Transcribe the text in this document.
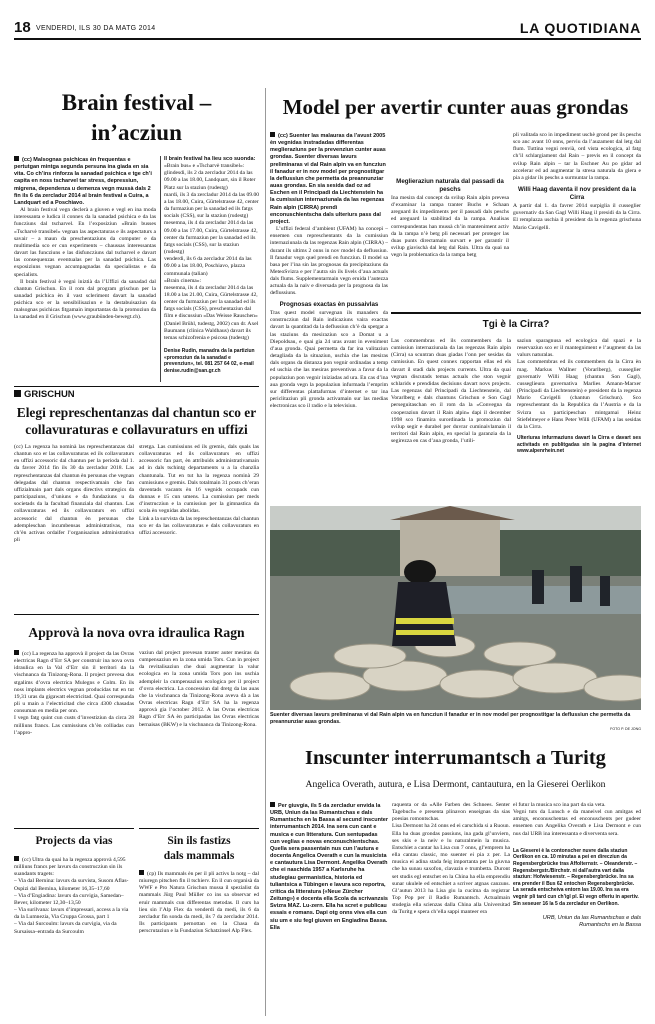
18 VENDERDI, ILS 30 DA MATG 2014	LA QUOTIDIANA
Brain festival – in’acziun
(cc) Malsognas psichicas èn frequentas e pertutgan mintga segunda persuna ina giada en sia vita. Co ch’ins rinforza la sanadad psichica e tge ch’i capita en noss tscharvel tar stress, depressiun, migrena, dependenza u demenza vegn mussà dals 2 fin ils 6 da zercladur 2014 al brain festival a Cuira, a Landquart ed a Poschiavo.
Al brain festival vegn declerà a giuven e vegl en ina moda interessanta e ludica il connex da la sanadad psichica e da las funcziuns dal tscharvel. En l’exposiziun «Brain busses «Tscharvè transibel» vegnan las aspectaturas e ils aspectaturs a savair – a maun da preschentaziuns da computer e da multimedia sco er cun experiments – chaussas interessantas davart las funcziuns e las disfuncziuns dal tscharvel e davart las consequenzas eventualas per la sanadad psichica. Las exposiziuns vegnan accumpagnadas da specialistas e da specialists.
Il brain festival è vegnì iniztià da l’Uffizi da sanadad dal chantun Grischun. En il rom dal program grischun per la sanadad psichica èn il vast scleriment davart la sanadad psichica sco er la sensibilisaziun e la destabuisaziun da malsognas psichicas fitgamain impurtantas da la promoziun da la sanadad en il Grischun (www.graubünden-bewegt.ch).
Il brain festival ha lieu sco suonda:
«Brain bus» e «Tscharvè transibel»: glindesdi, ils 2 da zercladur 2014 da las 09.00 a las 18.00, Landquart, sin il Roter Platz sur la staziun (rudestg)
mardi, ils 3 da zercladur 2014 da las 09.00 a las 18.00, Cuira, Gürtelstrasse 42, center da furmaziun per la sanadad ed ils fatgs socials (CSS), sur la staziun (rudestg)
mesemna, ils 4 da zercladur 2014 da las 09.00 a las 17.00, Cuira, Gürtelstrasse 42, center da furmaziun per la sanadad ed ils fatgs socials (CSS), sur la staziun (rudestg)
venderdi, ils 6 da zercladur 2014 da las 09.00 a las 18.00, Poschiavo, plazza communala (talian)
«Brain cinema»:
mesemna, ils 4 da zercladur 2014 da las 18.00 a las 21.00, Cuira, Gürtelstrasse 42, center da furmaziun per la sanadad ed ils fatgs socials (CSS), preschentaziun dal film e discussiun «Das Weisse Rauschen» (Daniel Brühl, tudestg, 2002) cun dr. Axel Baumann (clinica Waldhaus) davart ils temas schizofrenia e psicosa (tudestg)
Denise Rudin, manadra da la partiziun «promoziun da la sanadad e prevenziun», tel. 081 257 64 02, e-mail denise.rudin@san.gr.ch
GRISCHUN
Elegi represchentanzas dal chantun sco er collavuraturas e collavuraturs en uffizi
(cc) La regenza ha nominà las represchentanzas dal chantun sco er las collavuraturas ed ils collavuraturs en uffizi accessoric dal chantun per la perioda dal 1. da favrer 2014 fin ils 30 da zercladur 2018. Las represchentanzas dal chantun èn persunas che vegnan delegadas dal chantun respectivamain che fan uffizialmain part dals organs directivs strategics da participaziuns, d’uniuns e da fundaziuns u da societads da la facultad finanziala dal chantun. Las collavuraturas ed ils collavuraturs en uffizi accessoric dal chantun èn persunas che adempleschan incumbensas administrativas, ma ch’èn activas ordaifer l’organisaziun administrativa pli
stretga. Las cumissiuns ed ils gremis, dals quals las collavuraturas ed ils collavuraturs en uffizi accessoric fan part, èn attribuids administrativamain ad in dals tschintg departaments u a la chanzlia chantunala. Tut en tut ha la regenza nominà 29 cumissiuns e gremis. Dals totalmain 31 posts ch’eran daventads vacants èn 16 vegnids occupads cun dunnas e 15 cun umens. La cumissiun per meds d’instrucziun e la cumissiun per la gimnastica da scola èn vegnidas abolidas.
Link a la survista da las represchentanzas dal chantun sco er da las collavuraturas e dals collavuraturs en uffizi accessoric.
Approvà la nova ovra idraulica Ragn
(cc) La regenza ha approvà il project da las Ovras electricas Ragn d’Err SA per construir ina nova ovra idraulica en la Val d’Err sin il territori da la vischnanca da Tinizong-Rona. Il project prevesa dus stgalims d’ovra electrica Mulegns e Colm. En ils noss implants electrics vegnan producidas tut en tut 19,31 uras da gigawatt electricitad. Quai correspunda pli u main a l’electricitad che circa 4300 chasadas consuman en media per onn.
I vegn fatg quint cun custs d’investiziun da circa 28 milliuns francs. Las cumissiuns ch’èn colliadas cun l’appro-
vaziun dal project prevesan tranter auter mesiras da cumpensaziun en la zona umida Tors. Cun in project da revitalisaziun che duai augmentar la valur ecologica en la zona umida Tors pon ins uschia adempleir la cumpensaziun ecologica per il project d’ovra electrica. La concessiun dal dretg da las auas che la vischnanca da Tinizong-Rona aveva dà a las Ovras electricas Ragn d’Err SA ha la regenza approvà gia l’october 2012. A las Ovras electricas Ragn d’Err SA èn participadas las Ovras electricas bernaisas (BKW) e la vischnanca da Tinizong-Rona.
Projects da vias
(cc) Ultra da quai ha la regenza approvà 4,595 milliuns francs per lavurs da construcziun sin ils suandants tragets:
– Via dal Bernina: lavurs da survista, Susom Aflas-Ospizi dal Bernina, kilometer 16,35–17,60
– Via d’Engiadina: lavurs da curvigia, Samedan–Bever, kilometer 12,30–13,50
– Via surilvana: lavurs d’impressari, access a la via da la Lumnezia, Via Cruppa Grossa, part 1
– Via dal Surcoulm: lavurs da curvigia, via da Sursaissa–entrada da Surcoulm
Sin ils fastizs
dals mammals
(cp) Ils mammals èn per il pli activs la notg – dal miuregn pitschen fin il tschierv. En il cun organisà da WWF e Pro Natura Grischun mussa il spezialist da mammals Jürg Paul Müller co ins sa observar ed eruir mammals cun differentas metodas. Il curs ha lieu sin l’Alp Flex da venderdi da medi, ils 6 da zercladur fin sonda da medi, ils 7 da zercladur 2014. Ils participants pernottan en la Chasa da perscrutaziun e la Fundaziun Schatzinsel Alp Flex.
Model per avertir cunter auas grondas
(cc) Suenter las malauras da l’avust 2005 èn vegnidas instradadas differentas meglieraziuns per la prevenziun cunter auas grondas. Suenter diversas lavurs preliminaras vi dal Rain alpin va en funcziun il fanadur er in nov model per prognostitgar la deflussiun che permetta da preannunziar auas grondas. En sia sesida dad oz ad Eschen en il Principadi da Liechtenstein ha la cumissiun internaziunala da las regenzas Rain alpin (CIRRA) prendì enconuschientscha dals ulteriurs pass dal project.
L’uffizi federal d’ambient (UFAM) ha concepì – ensemen cun represchentants da la cumissiun internaziunala da las regenzas Rain alpin (CIRRA) – durant ils ultims 2 onns in nov model da deflussiun. Il fanadur vegn quel prendi en funcziun. Il model sa basa per l’ina sin las prognosas da precipitaziuns da MeteoSvizra e per l’autra sin ils livels d’aua actuals dals flums. Supplementarmain vegn eruida l’autezza actuala da la naiv e diversada per la prognosa da las deflussiuns.
Prognosas exactas èn pussaivlas
Tras quest model survegnan ils manaders da construcziun dal Rain indicaziuns vaira exactas davart la quantitad da la deflussiun ch’è da spetgar a las staziuns da mesiraziun sco a Domat u a Diepoldsau, e quai gia 24 uras avant in eveniment d’aua gronda. Quai permetta da far ina valitaziun detagliada da la situaziun, uschia che las mesiras dals organs da distanza pon vegnir ordinadas a temp ed uschia che las mesiras preventivas a favur da la populaziun pon vegnir iniziadas ad ura. En cas d’ina aua gronda vegn la populaziun infurmada l’emprim sur differentas plattafurmas d’internet e tar ina periclitaziun pli gronda activamain sur las medias electronicas sco il radio e la televisiun.
Meglieraziun naturala dal passadi da peschs
Ina mesira dal concept da svilup Rain alpin prevesa d’examinar la rampa tranter Buchs e Schaan areguard ils impediments per il passadi dals peschs ed areguard la stabilitad da la rampa. Analisas correspundentas han mussà ch’in manteniment activ da la rampa n’è betg pli necessari per proteger las duas punts directamain survart e per garantir il svilup giavischà dal letg dal Rain. Ultra da quai na vegn la problematica da la rampa betg
pli valitada sco in impediment uschè grond per ils peschs sco anc avant 10 onns, perviu da l’auzament dal letg dal flum. Tuttina vegni renvià, ord vista ecologica, al fatg ch’il schlargiament dal Rain – previs en il concept da svilup Rain alpin – tar la Eschner Au po gidar ad accelerar ed ad augmentar la stresa naturala da glera e pia a gidar ils peschs a surmuntar la rampa.
Willi Haag daventa il nov president da la Cirra
A partir dal 1. da favrer 2014 surpiglia il cusseglier guvernativ da San Gagl Willi Haag il presidi da la Cirra. El remplazza uschia il president da la regenza grischuna Mario Cavigelli.
Tgi è la Cirra?
Las commembras ed ils commembers da la cumissiun internaziunala da las regenzas Rain alpin (Cirra) sa scuntran duas giadas l’onn per sesidas da cumissiun. En quest connex rapportan ellas ed els davart il stadi dals projects currents. Ultra da quai vegnan discutads temas actuals che ston vegnir schlarids e prendidas decisiuns davart novs projects. Las regenzas dal Principadi da Liechtenstein, dal Vorarlberg e dals chantuns Grischun e Son Gagl perseguitaschan en il rom da la «Convegna da cooperaziun davart il Rain alpin» dapi il december 1998 sco finamira surordinada la promoziun dal svilup segir e durabel per duvrar cuminaivlamain il territori dal Rain alpin, en special la garanzia da la segirezza en cas d’aua gronda, l’utili-
saziun sparagnusa ed ecologica dal spazi e la reservaziun sco er il mantegniment e l’augment da las valurs naturalas.
Las commembras ed ils commembers da la Cirra èn mag. Markus Wallner (Vorarlberg), cusseglier guvernativ Willi Haag (chantun Son Gagl), cusseglieura guvernativa Marlies Amann-Marxer (Principadi da Liechtenstein) e president da la regenza Mario Cavigelli (chantun Grischun). Sco represchentant da la Republica da l’Austria e da la Svizra sa participeschan mintgamai Heinz Stiefelmeyer e Hans Peter Willi (UFAM) a las sesidas da la Cirra.
Ulteriuras infurmaziuns davart la Cirra e davart ses activitads en publitgadas sin la pagina d’internet www.alpenrhein.net
Suenter diversas lavurs preliminaras vi dal Rain alpin va en funcziun il fanadur er in nov model per prognostitgar la deflussiun che permetta da preannunziar auas grondas.
FOTO P. DE JONG
Inscunter interrumantsch a Turitg
Angelica Overath, autura, e Lisa Dermont, cantautura, en la Gieserei Oerlikon
Per giuvgia, ils 5 da zercladur envida la URB, Uniun da las Rumantschas e dals Rumantschs en la Bassa al secund inscunter interrumantsch 2014. Ina sera cun cant e musica e cun litteratura. Cun sentupadas cun veglias e novas enconuschientschas. Quella sera passentain nus cun l’autura e docenta Angelica Overath e cun la musicista e cantautura Lisa Dermont. Angelika Overath che ei naschida 1957 a Karlsruhe ha studegiau germanistica, historia ed tuliantsica a Tübingen e lavura sco reportra, critica da litteratura («Neue Zürcher Zeitung») e docenta ella Scola da scrivanzsis Svizra MAZ. Lu-zern. Ella ha scret e publicau essais e romans. Dapi otg onns viva ella cun siu um e siu fegl giuven en Engiadina Bassa. Ella
raquenta or da «Alle Farben des Schnees. Senter Tagebuch» e presenta plinavon enseignas da sias poesias romontschas.
Lisa Dermont ha 24 onns ed ei carschida si a Ruoun. Ella ha duas grondas passiuns, ina gada gl’unviern, ses skis e la neiv e lu naturalmein la musica. Entschiet a cantar ha Lisa cun 7 onns, gl’emprem ha ella cantau classic, mo suenter ei pia z per. La musica ei adina stada feig importanta per la giuvna che ha sunau saxofon, clavazin e trumbetta. Duront set studis egl entschet en la China ha ella emprendiu sunar ukulele ed entschiet a scriver atgnas canzuns. Gl’autun 2013 ha Lisa giu la cucima da registrar Top Pop per il Radio Rumantsch. Actualmain studegia ella scienzas dalla China alla Universitad da Turitg e spera ch’ella sappi manteer era
el futur la musica sco ina part da sia veta.
Vegni tuts da Lunsch e da maneivel cun amitgas ed amitgs, enconuschentas ed enconuschents per gudeer ensemen cun Angelika Overath e Lisa Dermont e cun nus dal URB ina interessanta e diverventa sera.
La Gieserei è la contonscher nuvre dalla staziun Oerlikon en ca. 10 minutas a pei en direcziun da Regensbergbrücke tras Affolternstr. – Oleanderstr. – Regensbergstr./Birchstr. ni dall’autra vart dalla staziun: Hofwiesenstr. – Regensbergbrücke. Ins sa era prender il Bus 62 entochen Regensbergbrücke.
La serada entscheiva entorn las 19.00. Ins sa era vegnir pli tard cun ch’igl pl. Ei vegn offeriu in apertiv. Sin seseuer 16 la 5 da zercladur en Oerlikon.
URB, Uniun da las Rumantschas e dals Rumantschs en la Bassa
